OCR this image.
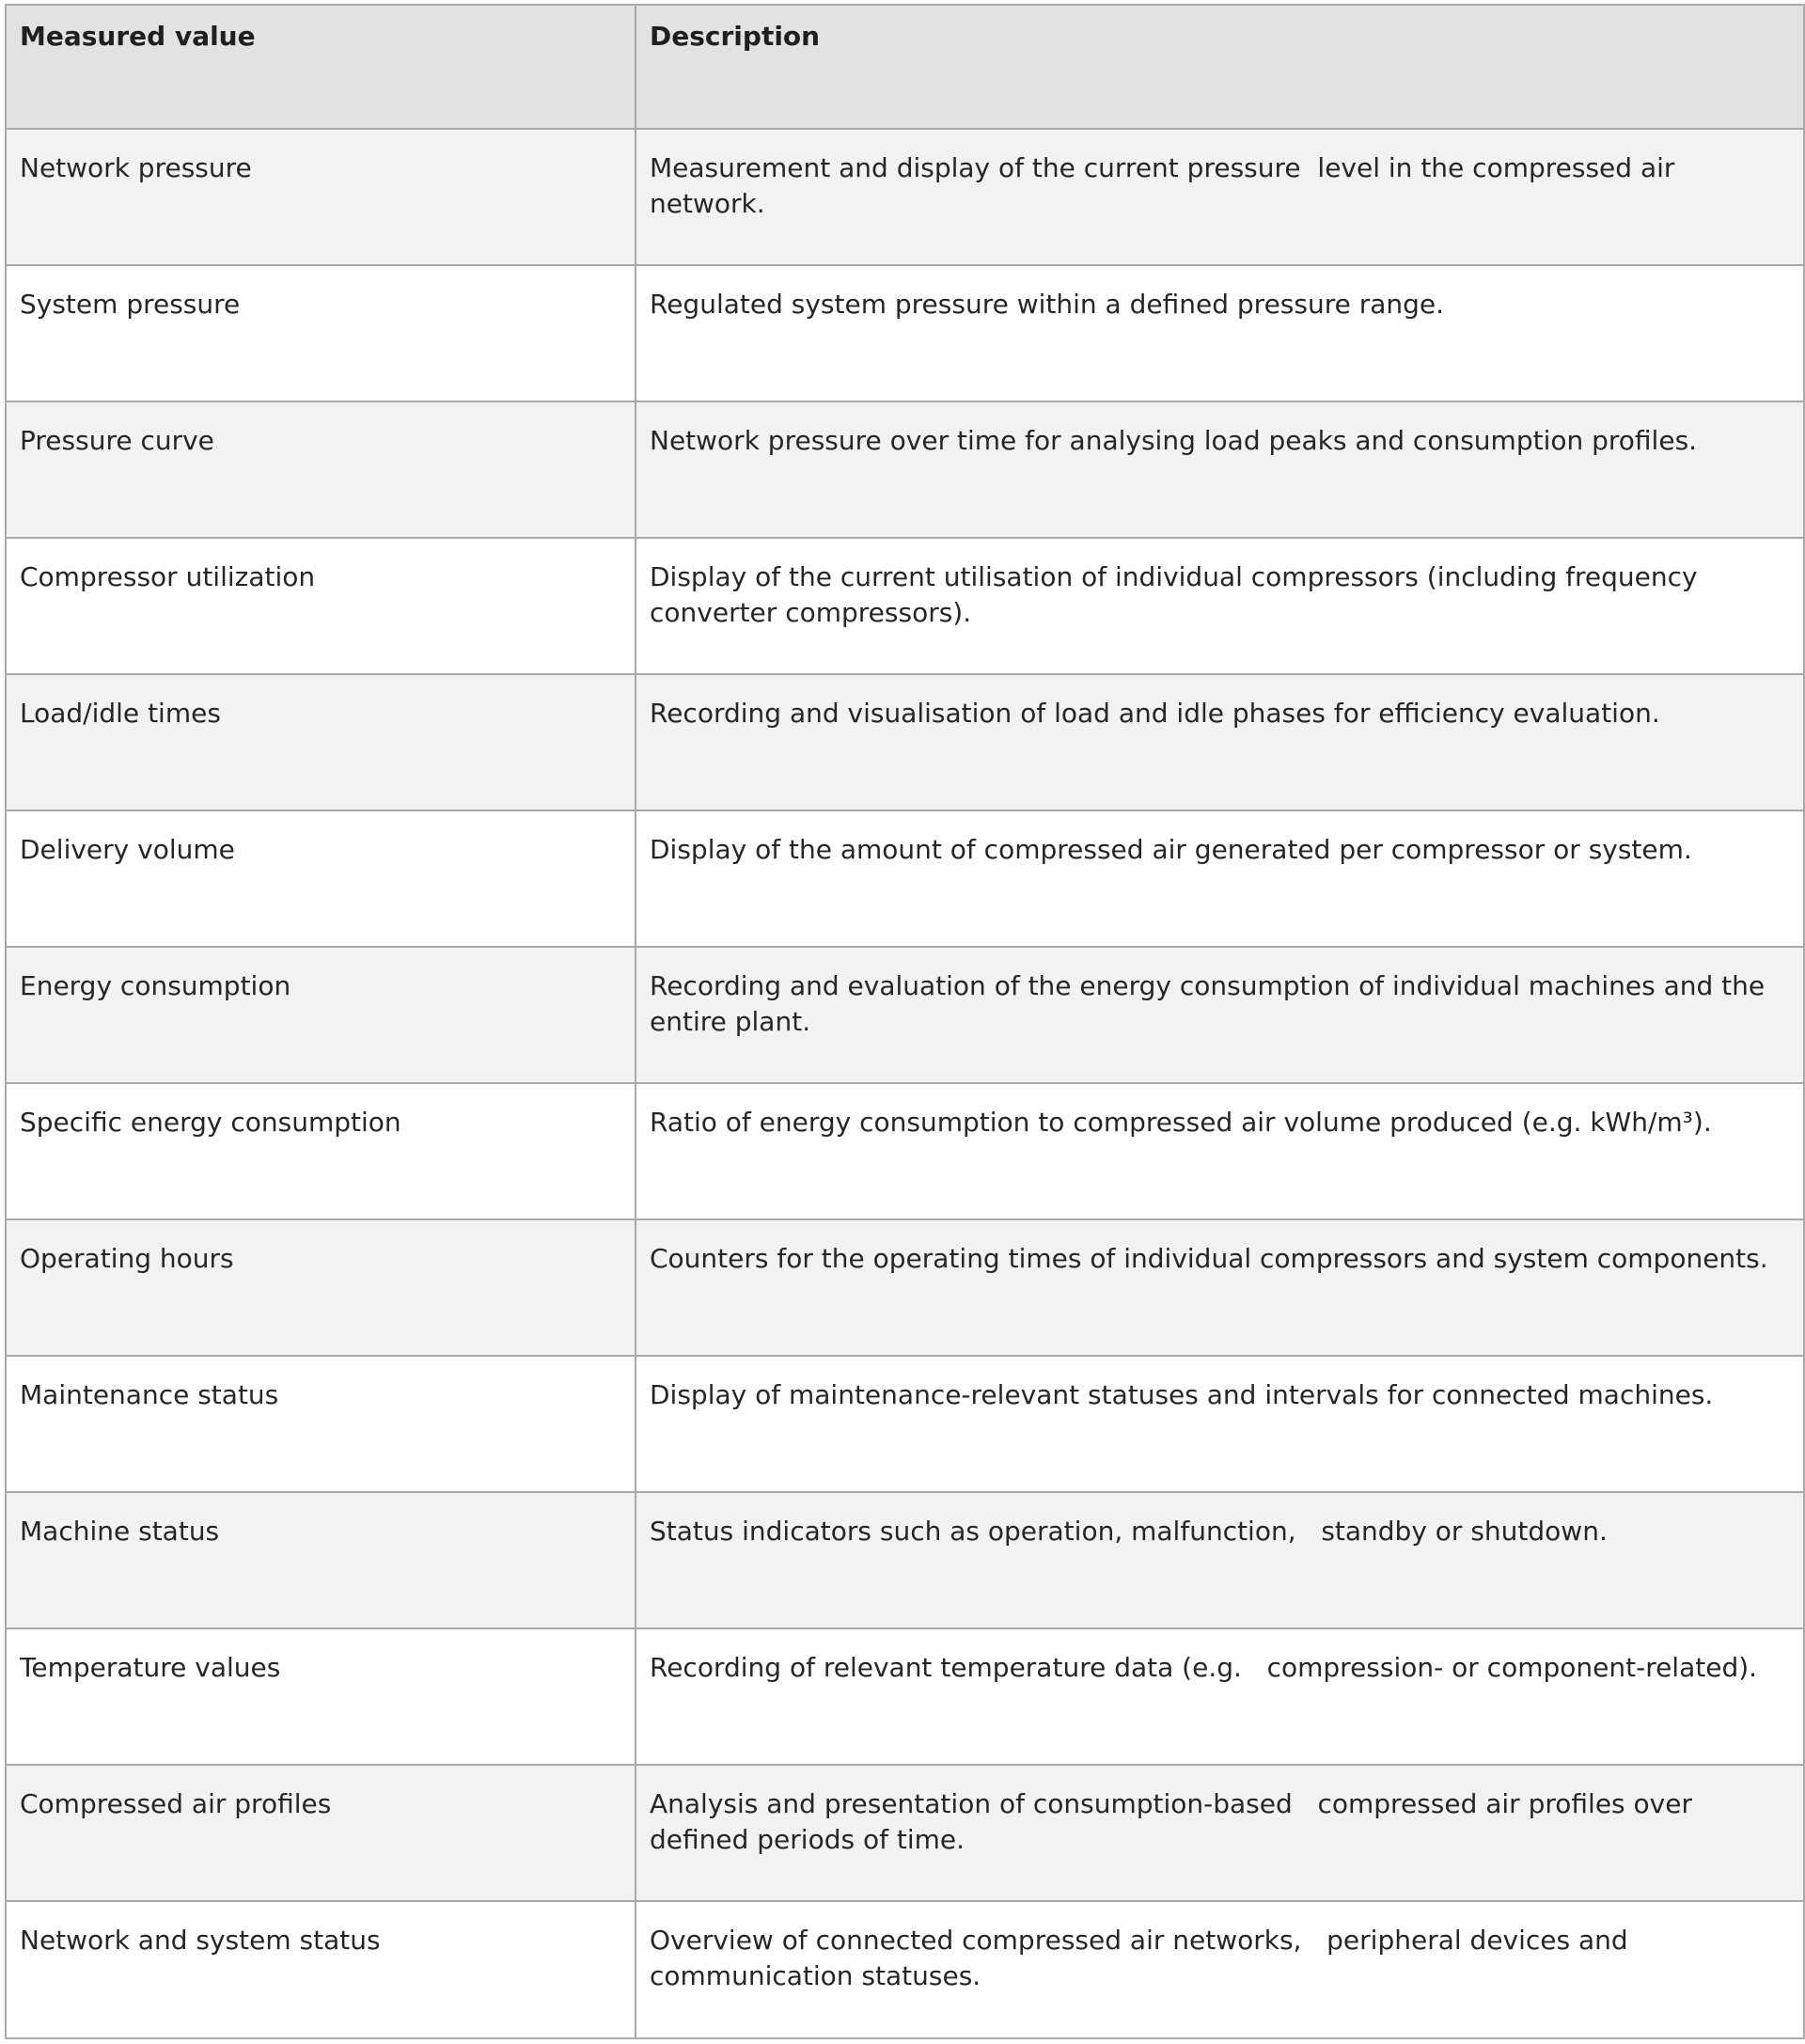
Measured value	Description
Network pressure	Measurement and display of the current pressure  level in the compressed air network.
System pressure	Regulated system pressure within a defined pressure range.
Pressure curve	Network pressure over time for analysing load peaks and consumption profiles.
Compressor utilization	Display of the current utilisation of individual compressors (including frequency converter compressors).
Load/idle times	Recording and visualisation of load and idle phases for efficiency evaluation.
Delivery volume	Display of the amount of compressed air generated per compressor or system.
Energy consumption	Recording and evaluation of the energy consumption of individual machines and the entire plant.
Specific energy consumption	Ratio of energy consumption to compressed air volume produced (e.g. kWh/m³).
Operating hours	Counters for the operating times of individual compressors and system components.
Maintenance status	Display of maintenance-relevant statuses and intervals for connected machines.
Machine status	Status indicators such as operation, malfunction,   standby or shutdown.
Temperature values	Recording of relevant temperature data (e.g.   compression- or component-related).
Compressed air profiles	Analysis and presentation of consumption-based   compressed air profiles over defined periods of time.
Network and system status	Overview of connected compressed air networks,   peripheral devices and communication statuses.
